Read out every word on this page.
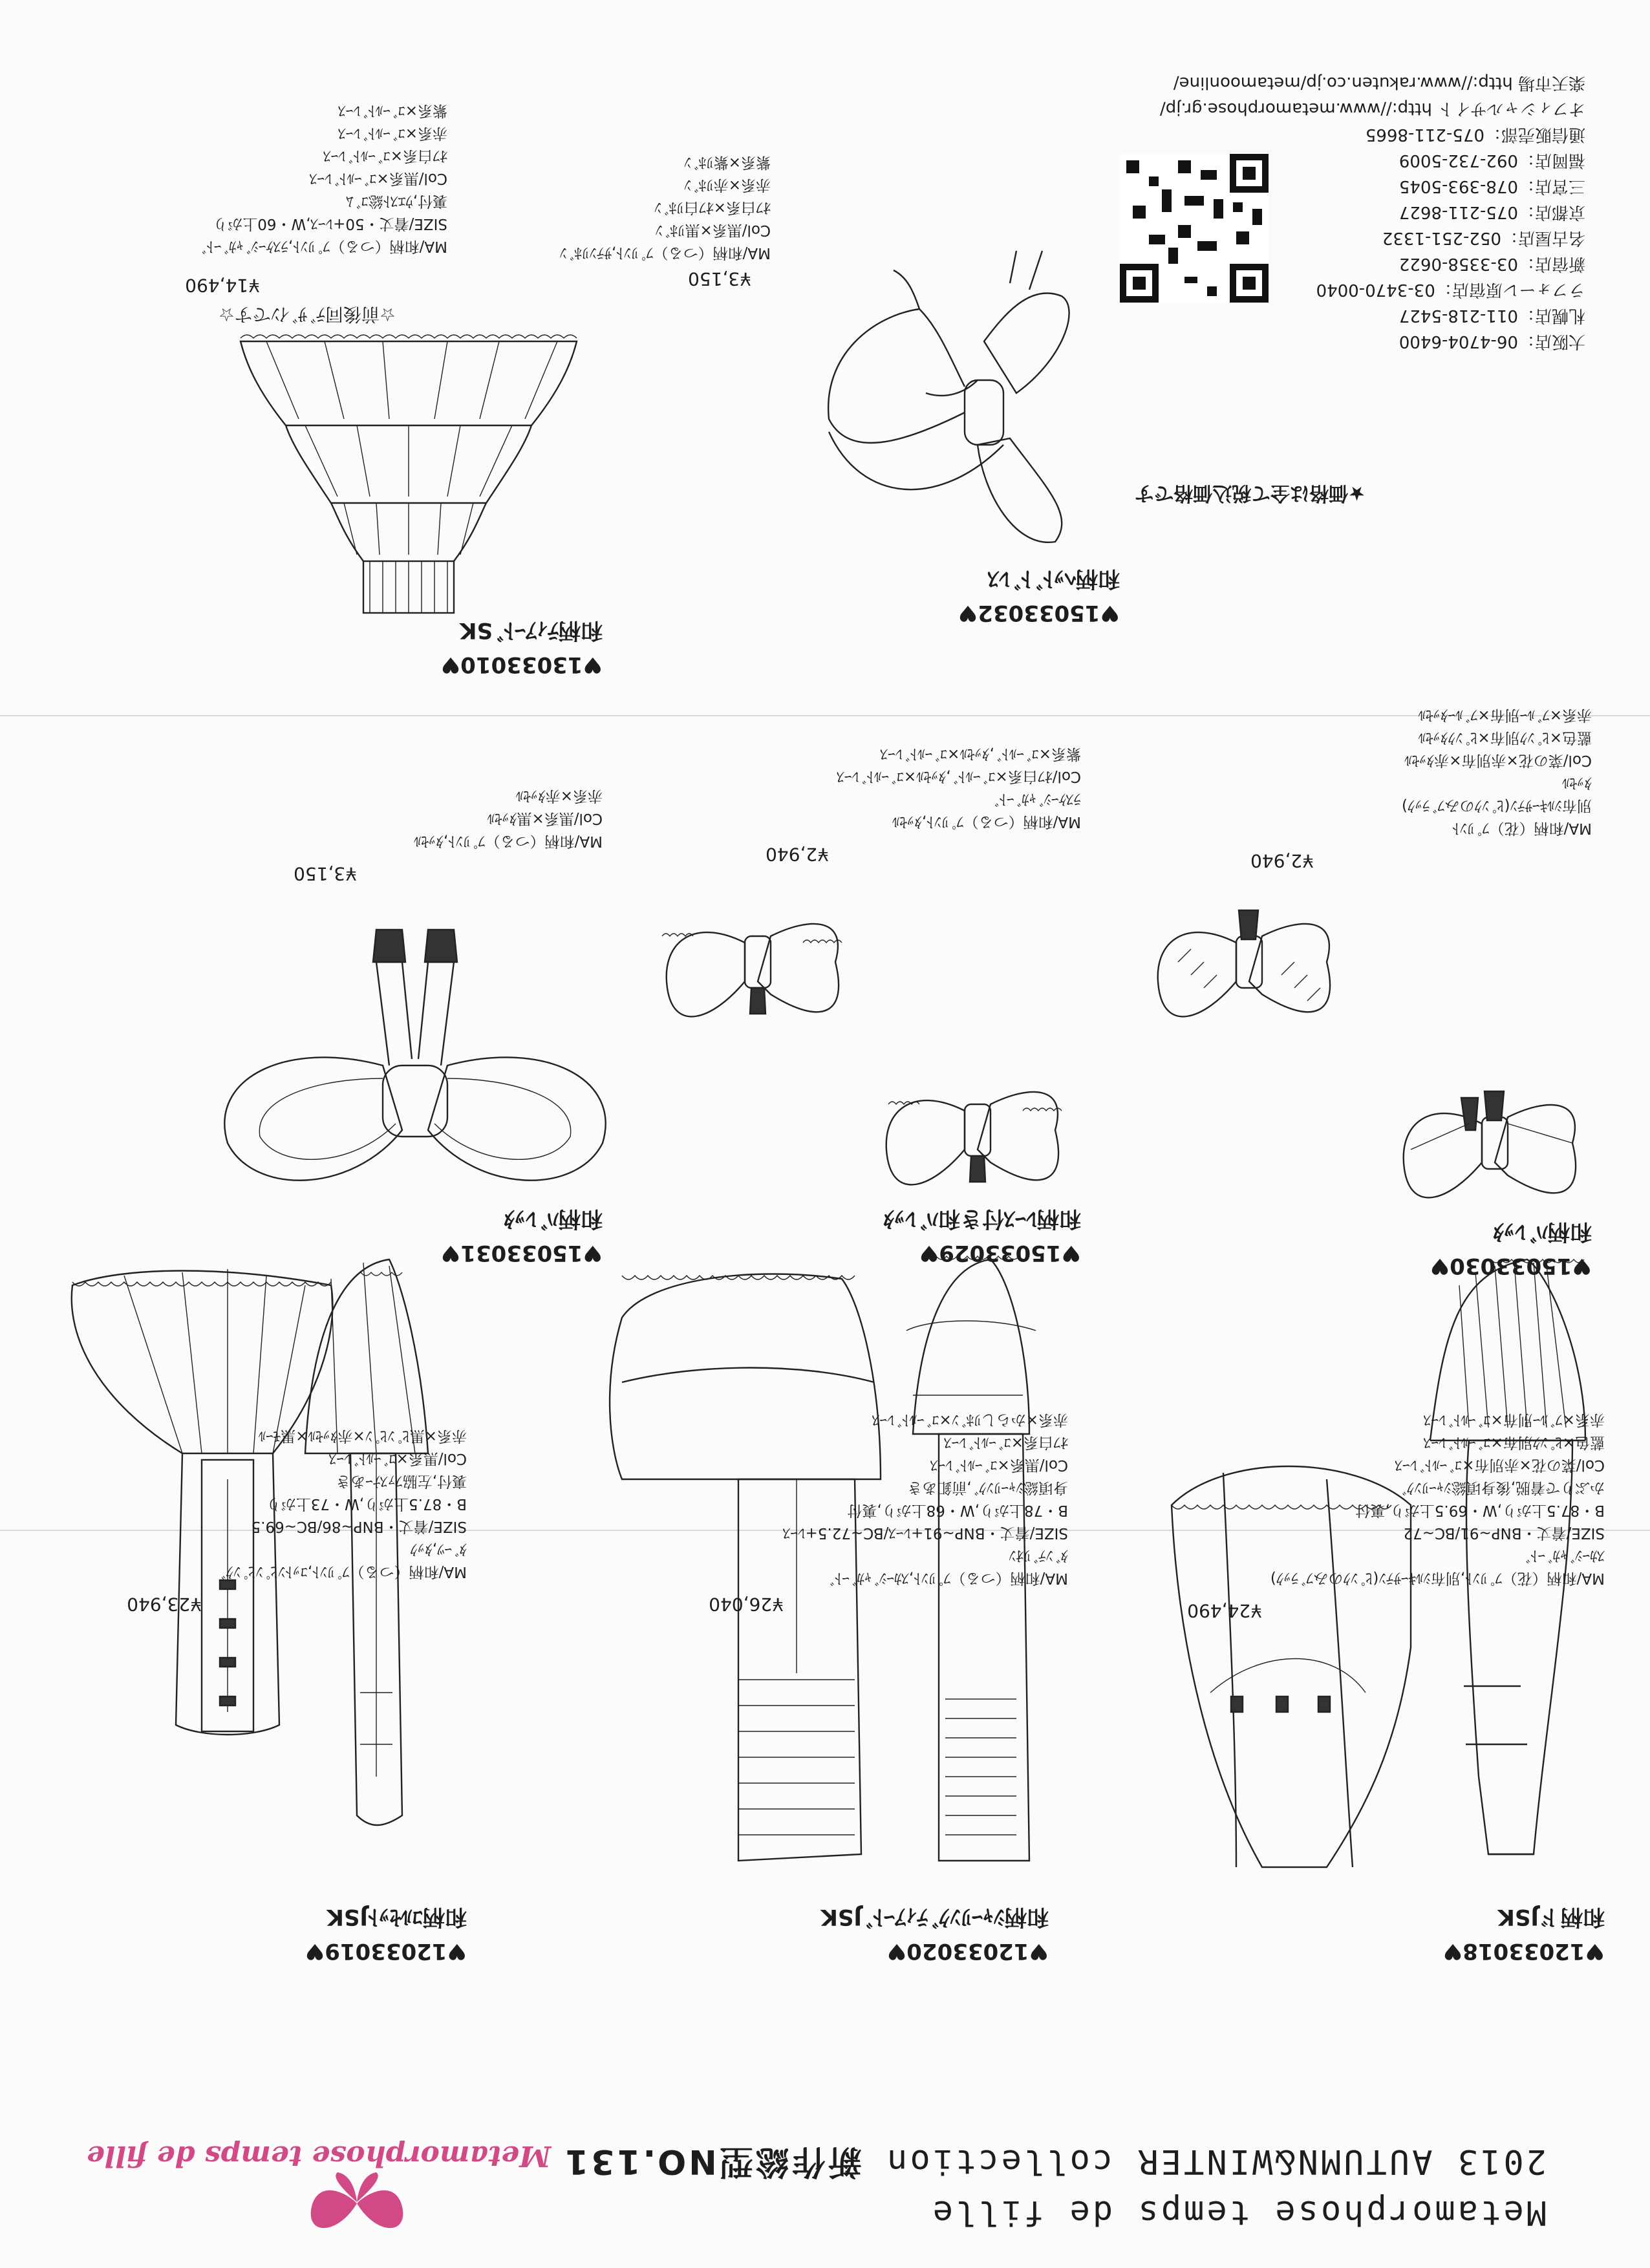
Metamorphose temps de fille
2013 AUTUMN&WINTER collection 新作総型NO.131
Metamorphose temps de fille
♥12033018♥
和柄ドJSK
¥24,490
MA/和柄（花）ﾌﾟﾘﾝﾄ,別布ｼﾙｷｰｻﾃﾝ(ﾋﾟﾝｸのみﾌﾞﾗｯｸ)
ｽｶｰｼﾞｬｶﾞｰﾄﾞ
SIZE/着丈・BNP~91/BC~72
B・87.5上がり,W・69.5上がり,裏付
かぶりで着脱,後身頃総ｼｬｰﾘﾝｸﾞ
Col/菜の花×赤別布×ｺﾞｰﾙﾄﾞﾚｰｽ
藍色×ﾋﾟﾝｸ別布×ｺﾞｰﾙﾄﾞﾚｰｽ
赤系×ﾌﾞﾙｰ別布×ｺﾞｰﾙﾄﾞﾚｰｽ
♥12033020♥
和柄ｼｬｰﾘﾝｸﾞﾃｨｱｰﾄﾞJSK
¥26,040
MA/和柄（つる）ﾌﾟﾘﾝﾄ,ｽｶｰｼﾞｬｶﾞｰﾄﾞ
ﾀﾞﾝﾃﾞﾘｵﾝ
SIZE/着丈・BNP~91+ﾚｰｽ/BC~72.5+ﾚｰｽ
B・78上がり,W・68上がり,裏付
身頃総ｼｬｰﾘﾝｸﾞ,前釦あき
Col/黒系×ｺﾞｰﾙﾄﾞﾚｰｽ
ｵﾌ白系×ｺﾞｰﾙﾄﾞﾚｰｽ
赤系×からしﾘﾎﾞﾝ×ｺﾞｰﾙﾄﾞﾚｰｽ
♥12033019♥
和柄ｺﾙｾｯﾄJSK
¥23,940
MA/和柄（つる）ﾌﾟﾘﾝﾄ,ｺｯﾄﾝﾋﾟﾝﾋﾟﾝｸﾞ
ﾀﾞｰﾂ,ﾀｯｸ
SIZE/着丈・BNP~86/BC~69.5
B・87.5上がり,W・73上がり
裏付,左脇ﾌｧｽﾅｰあき
Col/黒系×ｺﾞｰﾙﾄﾞﾚｰｽ
赤系×黒ﾋﾟﾝﾋﾟﾝ×赤ﾀｯｾﾙ×黒ﾓｰﾙ
♥15033030♥
和柄ﾊﾞﾚｯﾀ
¥2,940
MA/和柄（花）ﾌﾟﾘﾝﾄ
別布ｼﾙｷｰｻﾃﾝ(ﾋﾟﾝｸのみﾌﾞﾗｯｸ)
ﾀｯｾﾙ
Col/菜の花×赤別布×赤ﾀｯｾﾙ
藍色×ﾋﾟﾝｸ別布×ﾋﾟﾝｸﾀｯｾﾙ
赤系×ﾌﾞﾙｰ別布×ﾌﾞﾙｰﾀｯｾﾙ
♥15033029♥
和柄ﾚｰｽ付き和ﾊﾞﾚｯﾀ
¥2,940
MA/和柄（つる）ﾌﾟﾘﾝﾄ,ﾀｯｾﾙ
ﾗｽｹｰｼﾞｬｶﾞｰﾄﾞ
Col/ｵﾌ白系×ｺﾞｰﾙﾄﾞ,ﾀｯｾﾙ×ｺﾞｰﾙﾄﾞﾚｰｽ
紫系×ｺﾞｰﾙﾄﾞ,ﾀｯｾﾙ×ｺﾞｰﾙﾄﾞﾚｰｽ
♥15033031♥
和柄ﾊﾞﾚｯﾀ
¥3,150
MA/和柄（つる）ﾌﾟﾘﾝﾄ,ﾀｯｾﾙ
Col/黒系×黒ﾀｯｾﾙ
赤系×赤ﾀｯｾﾙ
★価格は全て税込価格です
大阪店：06-4704-6400
札幌店：011-218-5427
ラフォーレ原宿店：03-3470-0040
新宿店：03-3358-0622
名古屋店：052-251-1332
京都店：075-211-8627
三宮店：078-393-5045
福岡店：092-732-5009
通信販売部：075-211-8665
オフィシャルサイト http://www.metamorphose.gr.jp/
楽天市場 http://www.rakuten.co.jp/metamoonline/
♥15033032♥
和柄ﾍｯﾄﾞﾄﾞﾚｽ
¥3,150
MA/和柄（つる）ﾌﾟﾘﾝﾄ,ｻﾃﾝﾘﾎﾞﾝ
Col/黒系×黒ﾘﾎﾞﾝ
ｵﾌ白系×ｵﾌ白ﾘﾎﾞﾝ
赤系×赤ﾘﾎﾞﾝ
紫系×紫ﾘﾎﾞﾝ
♥13033010♥
和柄ﾃｨｱｰﾄﾞSK
☆前後同ﾃﾞｻﾞｲﾝです☆
¥14,490
MA/和柄（つる）ﾌﾟﾘﾝﾄ,ﾗｽｹｰｼﾞｬｶﾞｰﾄﾞ
SIZE/着丈・50+ﾚｰｽ,W・60上がり
裏付,ｳｴｽﾄ総ｺﾞﾑ
Col/黒系×ｺﾞｰﾙﾄﾞﾚｰｽ
ｵﾌ白系×ｺﾞｰﾙﾄﾞﾚｰｽ
赤系×ｺﾞｰﾙﾄﾞﾚｰｽ
紫系×ｺﾞｰﾙﾄﾞﾚｰｽ
